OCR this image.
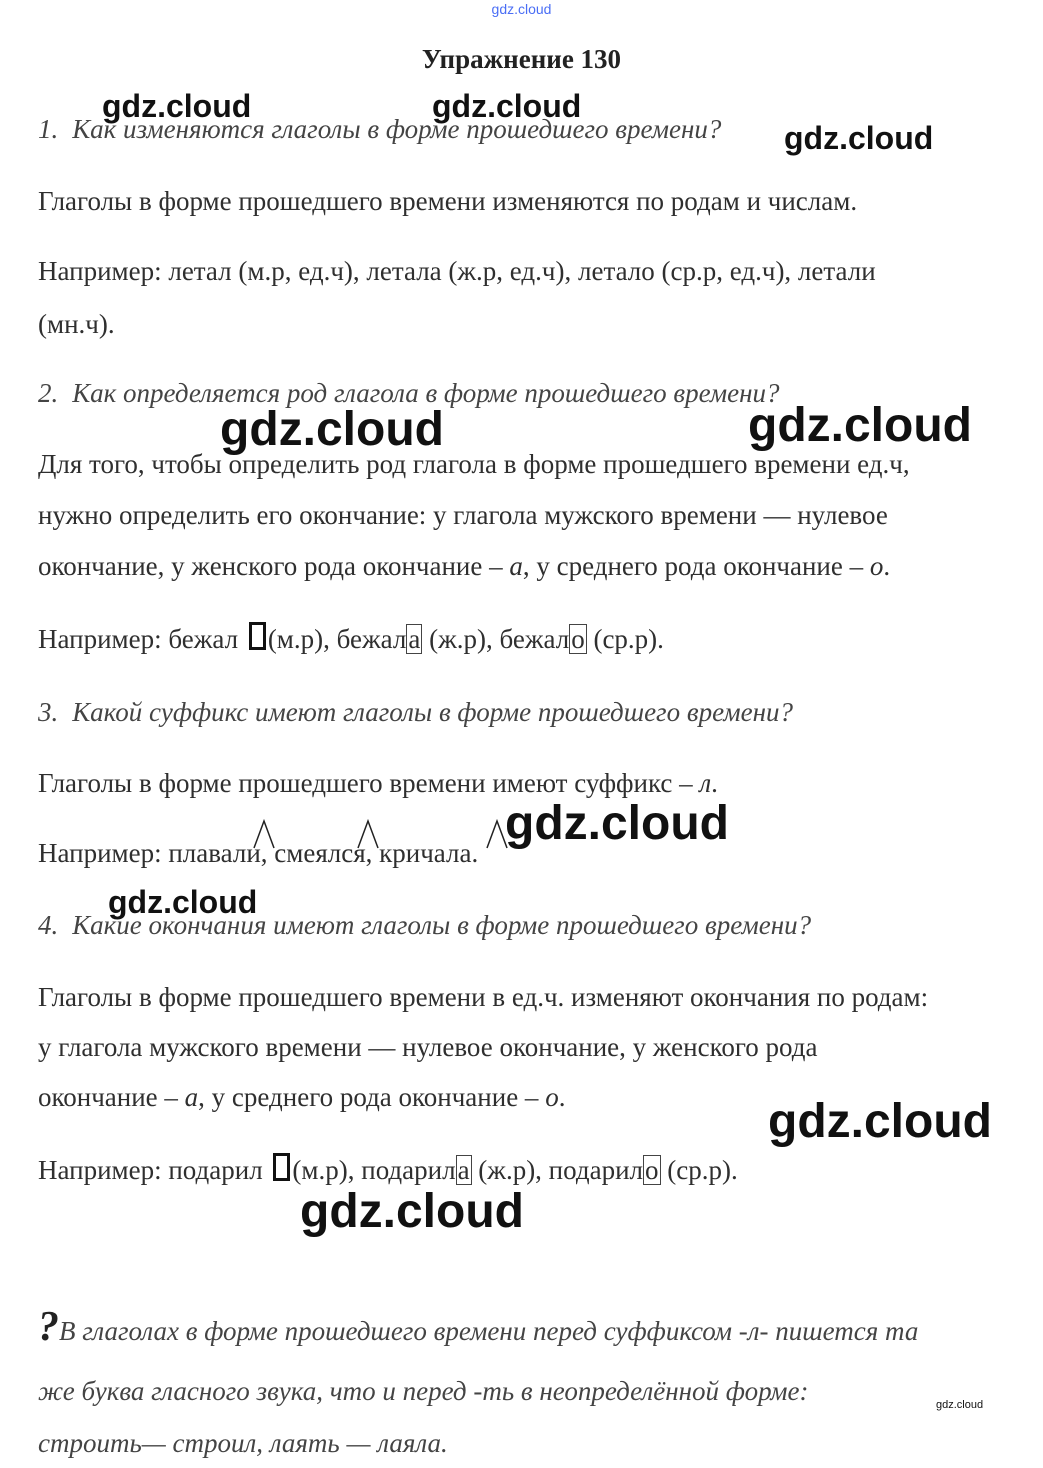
gdz.cloud
Упражнение 130
1. Как изменяются глаголы в форме прошедшего времени?
Глаголы в форме прошедшего времени изменяются по родам и числам.
Например: летал (м.р, ед.ч), летала (ж.р, ед.ч), летало (ср.р, ед.ч), летали
(мн.ч).
2. Как определяется род глагола в форме прошедшего времени?
Для того, чтобы определить род глагола в форме прошедшего времени ед.ч,
нужно определить его окончание: у глагола мужского времени — нулевое
окончание, у женского рода окончание – а, у среднего рода окончание – о.
Например: бежал (м.р), бежала (ж.р), бежало (ср.р).
3. Какой суффикс имеют глаголы в форме прошедшего времени?
Глаголы в форме прошедшего времени имеют суффикс – л.
Например: плавали, смеялся, кричала.
4. Какие окончания имеют глаголы в форме прошедшего времени?
Глаголы в форме прошедшего времени в ед.ч. изменяют окончания по родам:
у глагола мужского времени — нулевое окончание, у женского рода
окончание – а, у среднего рода окончание – о.
Например: подарил (м.р), подарила (ж.р), подарило (ср.р).
?В глаголах в форме прошедшего времени перед суффиксом -л- пишется та
же буква гласного звука, что и перед -ть в неопределённой форме:
строить— строил, лаять — лаяла.
gdz.cloud	gdz.cloud
gdz.cloud
gdz.cloud	gdz.cloud
gdz.cloud
gdz.cloud
gdz.cloud
gdz.cloud
gdz.cloud
